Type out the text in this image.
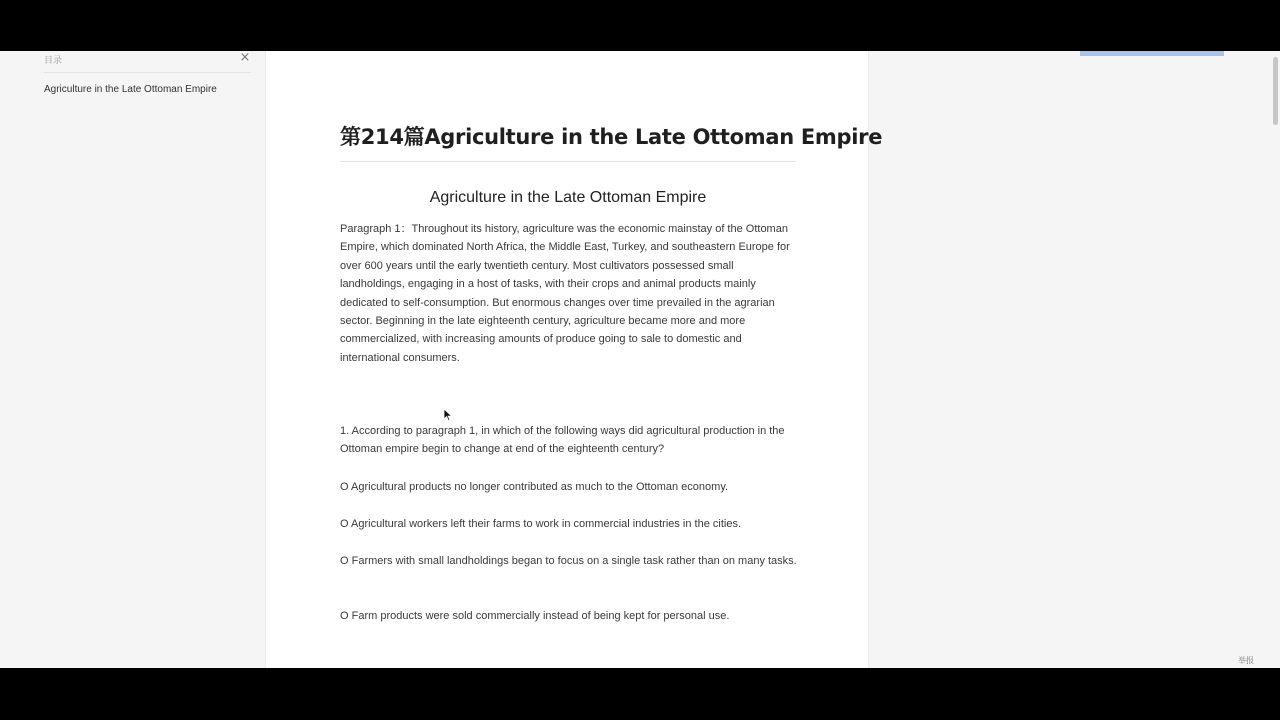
目录	×
Agriculture in the Late Ottoman Empire
第214篇Agriculture in the Late Ottoman Empire
Agriculture in the Late Ottoman Empire
Paragraph 1：Throughout its history, agriculture was the economic mainstay of the Ottoman Empire, which dominated North Africa, the Middle East, Turkey, and southeastern Europe for over 600 years until the early twentieth century. Most cultivators possessed small landholdings, engaging in a host of tasks, with their crops and animal products mainly dedicated to self-consumption. But enormous changes over time prevailed in the agrarian sector. Beginning in the late eighteenth century, agriculture became more and more commercialized, with increasing amounts of produce going to sale to domestic and international consumers.
1. According to paragraph 1, in which of the following ways did agricultural production in the Ottoman empire begin to change at end of the eighteenth century?
O Agricultural products no longer contributed as much to the Ottoman economy.
O Agricultural workers left their farms to work in commercial industries in the cities.
O Farmers with small landholdings began to focus on a single task rather than on many tasks.
O Farm products were sold commercially instead of being kept for personal use.
举报
